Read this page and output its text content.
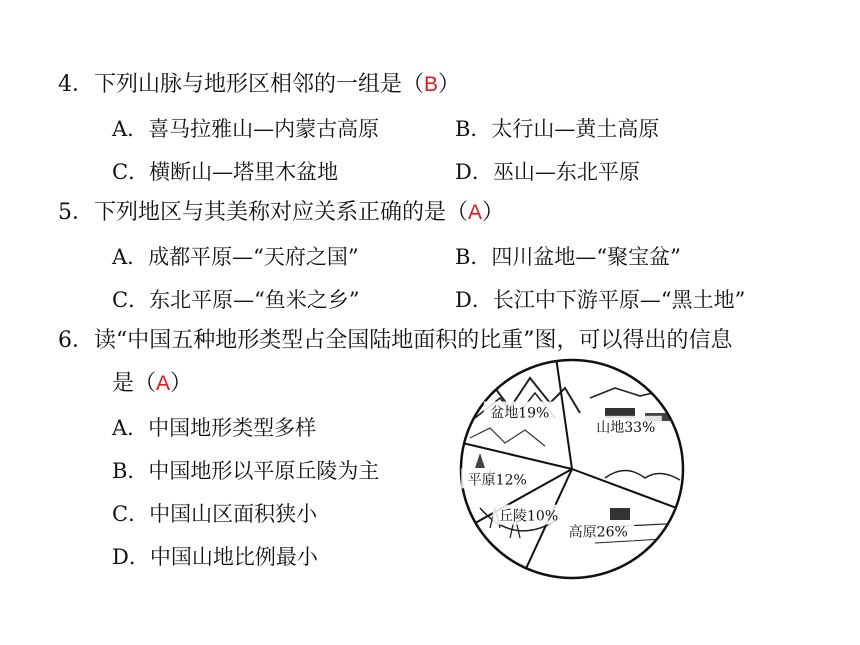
4．下列山脉与地形区相邻的一组是（B）
A．喜马拉雅山—内蒙古高原	B．太行山—黄土高原
C．横断山—塔里木盆地	D．巫山—东北平原
5．下列地区与其美称对应关系正确的是（A）
A．成都平原—“天府之国”	B．四川盆地—“聚宝盆”
C．东北平原—“鱼米之乡”	D．长江中下游平原—“黑土地”
6．读“中国五种地形类型占全国陆地面积的比重”图，可以得出的信息
是（A）
A．中国地形类型多样
B．中国地形以平原丘陵为主
C．中国山区面积狭小
D．中国山地比例最小
山地33%
高原26%
丘陵10%
平原12%
盆地19%
